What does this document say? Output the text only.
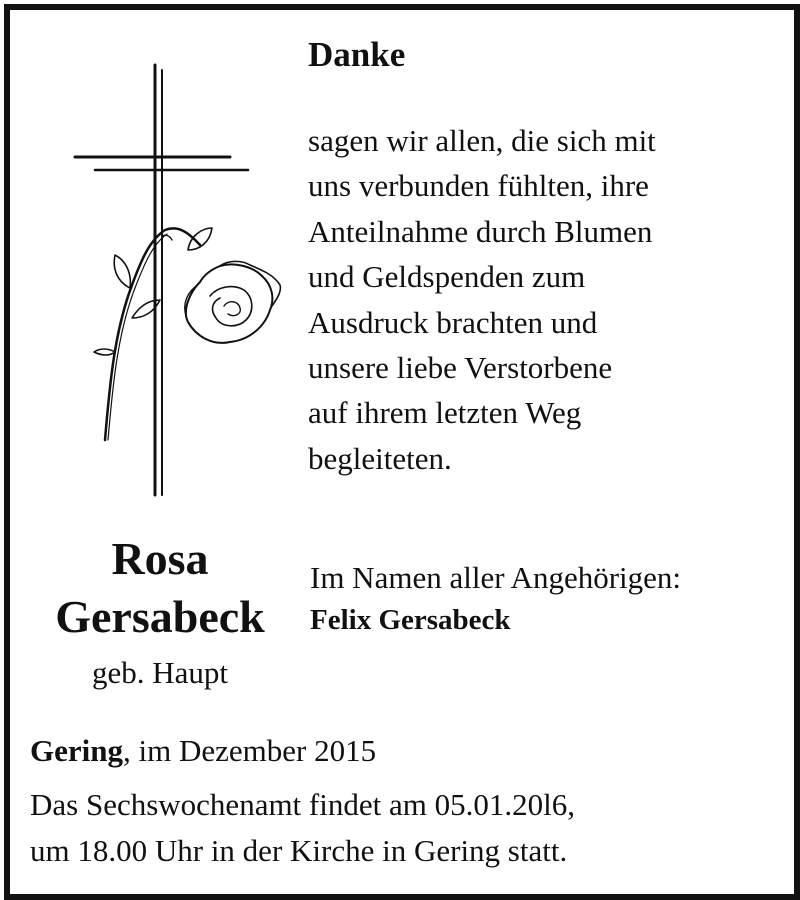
Danke
sagen wir allen, die sich mit
uns verbunden fühlten, ihre
Anteilnahme durch Blumen
und Geldspenden zum
Ausdruck brachten und
unsere liebe Verstorbene
auf ihrem letzten Weg
begleiteten.
Rosa
Gersabeck
geb. Haupt
Im Namen aller Angehörigen:
Felix Gersabeck
Gering, im Dezember 2015
Das Sechswochenamt findet am 05.01.20l6,
um 18.00 Uhr in der Kirche in Gering statt.
